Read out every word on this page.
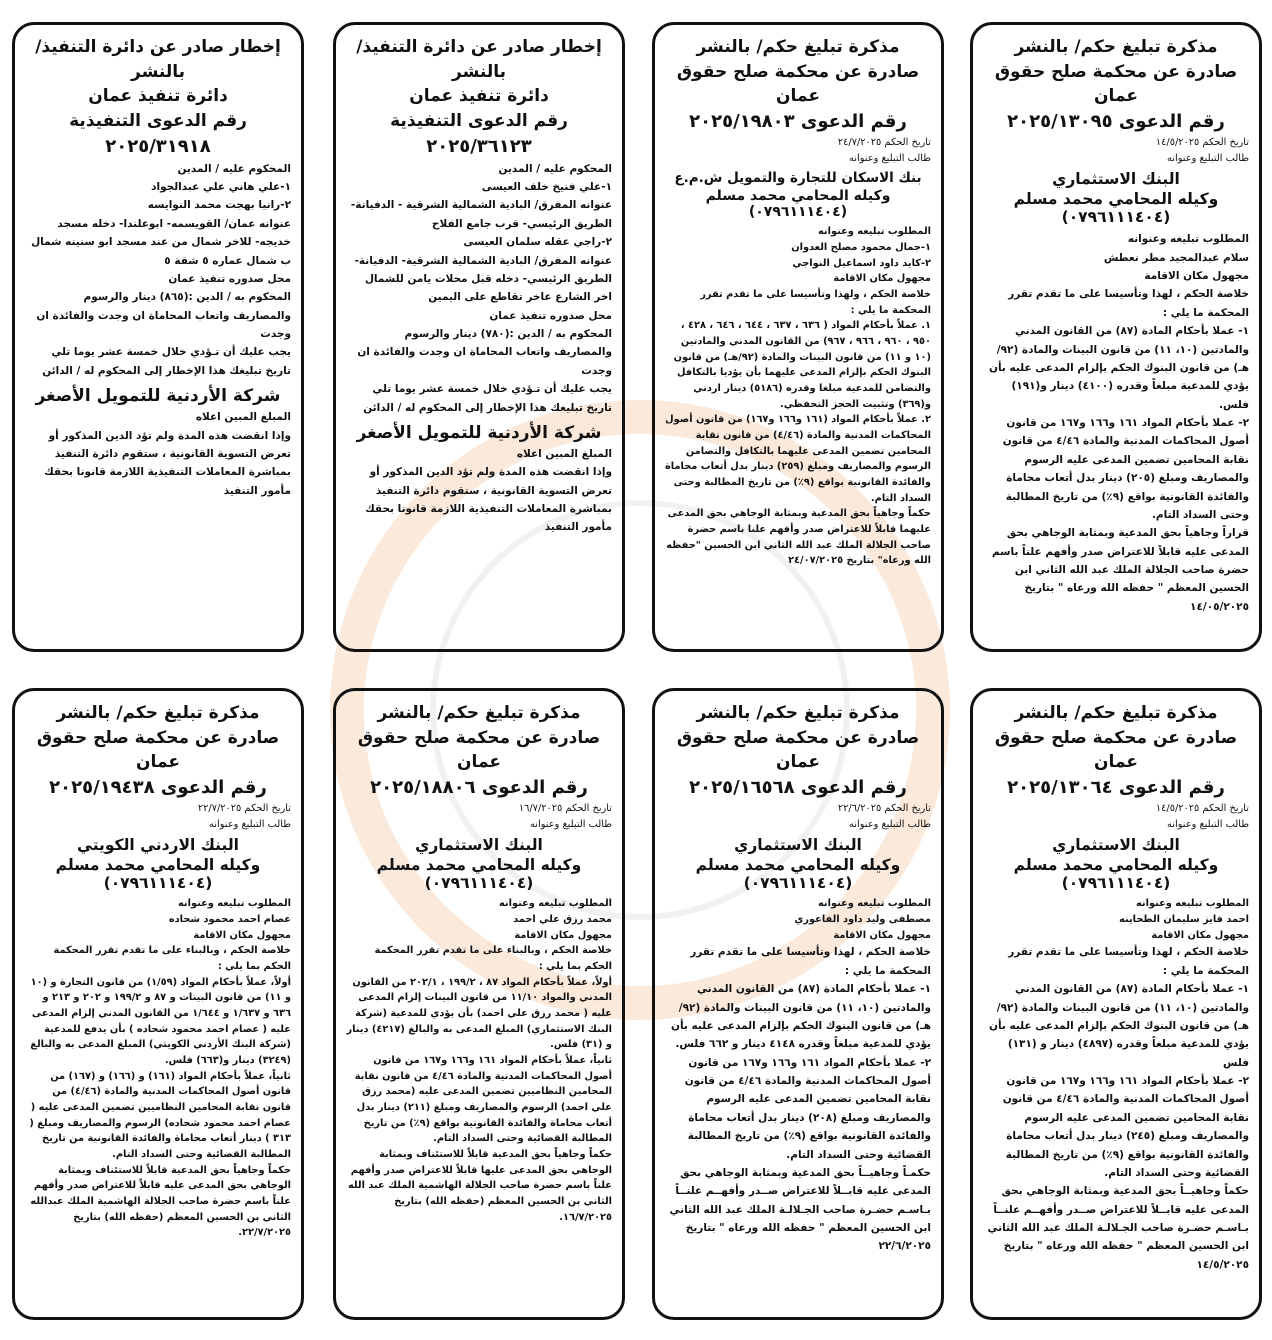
مذكرة تبليغ حكم/ بالنشر
صادرة عن محكمة صلح حقوق عمان
رقم الدعوى ٢٠٢٥/١٣٠٩٥

تاريخ الحكم ١٤/٥/٢٠٢٥

طالب التبليغ وعنوانه

البنك الاستثماري
وكيله المحامي محمد مسلم (٠٧٩٦١١١٤٠٤)

المطلوب تبليغه وعنوانه

سلام عبدالمجيد مطر نعطش

مجهول مكان الاقامة

خلاصة الحكم ، لهذا وتأسيسا على ما تقدم تقرر المحكمة ما يلي :

١- عملا بأحكام المادة (٨٧) من القانون المدني والمادتين (١٠، ١١) من قانون البينات والمادة (٩٢/هـ) من قانون البنوك الحكم بإلزام المدعى عليه بأن يؤدي للمدعية مبلغاً وقدره (٤١٠٠) دينار و(١٩١) فلس.

٢- عملا بأحكام المواد ١٦١ و١٦٦ و١٦٧ من قانون أصول المحاكمات المدنية والمادة ٤/٤٦ من قانون نقابة المحامين تضمين المدعى عليه الرسوم والمصاريف ومبلغ (٢٠٥) دينار بدل أتعاب محاماة والفائدة القانونية بواقع (٩٪) من تاريخ المطالبة وحتى السداد التام.

قراراً وجاهياً بحق المدعية وبمثابة الوجاهي بحق المدعى عليه قابلاً للاعتراض صدر وأفهم علناً باسم حضرة صاحب الجلالة الملك عبد الله الثاني ابن الحسين المعظم " حفظه الله ورعاه " بتاريخ ١٤/٠٥/٢٠٢٥

مذكرة تبليغ حكم/ بالنشر
صادرة عن محكمة صلح حقوق عمان
رقم الدعوى ٢٠٢٥/١٩٨٠٣

تاريخ الحكم ٢٤/٧/٢٠٢٥

طالب التبليغ وعنوانه

بنك الاسكان للتجارة والتمويل ش.م.ع
وكيله المحامي محمد مسلم (٠٧٩٦١١١٤٠٤)

المطلوب تبليغه وعنوانه

١-جمال محمود مصلح العدوان

٢-كايد داود اسماعيل النواجي

مجهول مكان الاقامة

خلاصة الحكم ، ولهذا وتأسيسا على ما تقدم تقرر المحكمة ما يلي :

١. عملاً بأحكام المواد ( ٦٣٦ ، ٦٣٧ ، ٦٤٤ ، ٦٤٦ ، ٤٢٨ ، ٩٥٠ ، ٩٦٠ ، ٩٦٦ ، ٩٦٧) من القانون المدني والمادتين (١٠ و ١١) من قانون البينات والمادة (٩٢/هـ) من قانون البنوك الحكم بإلزام المدعى عليهما بأن يؤديا بالتكافل والتضامن للمدعية مبلغا وقدره (٥١٨٦) دينار اردني و(٣٦٩) وتثبيت الحجز التحفظي.

٢. عملاً بأحكام المواد (١٦١ و١٦٦ و١٦٧) من قانون أصول المحاكمات المدنية والمادة (٤/٤٦) من قانون نقابة المحامين تضمين المدعى عليهما بالتكافل والتضامن الرسوم والمصاريف ومبلغ (٢٥٩) دينار بدل أتعاب محاماة والفائدة القانونية بواقع (٩٪) من تاريخ المطالبة وحتى السداد التام.

حكماً وجاهياً بحق المدعية وبمثابة الوجاهي بحق المدعى عليهما قابلاً للاعتراض صدر وأفهم علنا باسم حضرة صاحب الجلالة الملك عبد الله الثاني ابن الحسين "حفظه الله ورعاه" بتاريخ ٢٤/٠٧/٢٠٢٥

إخطار صادر عن دائرة التنفيذ/ بالنشر
دائرة تنفيذ عمان
رقم الدعوى التنفيذية
٢٠٢٥/٣٦١٢٣

المحكوم عليه / المدين

١-علي فنيخ خلف العيسى

عنوانه المفرق/ البادية الشمالية الشرقية - الدفيانة- الطريق الرئيسي- قرب جامع الفلاح

٢-راجي عقله سلمان العيسى

عنوانه المفرق/ البادية الشمالية الشرقية- الدفيانة- الطريق الرئيسي- دخله قبل محلات يامن للشمال اخر الشارع عاخر تقاطع على اليمين

محل صدوره تنفيذ عمان

المحكوم به / الدين :(٧٨٠) دينار والرسوم والمصاريف واتعاب المحاماة ان وجدت والفائدة ان وجدت

يجب عليك أن تـؤدي خلال خمسة عشر يوما تلي تاريخ تبليغك هذا الإخطار إلى المحكوم له / الدائن

شركة الأردنية للتمويل الأصغر

المبلغ المبين اعلاه

وإذا انقضت هذه المدة ولم تؤد الدين المذكور أو تعرض التسوية القانونية ، ستقوم دائرة التنفيذ بمباشرة المعاملات التنفيذية اللازمة قانونا بحقك

مأمور التنفيذ

إخطار صادر عن دائرة التنفيذ/ بالنشر
دائرة تنفيذ عمان
رقم الدعوى التنفيذية
٢٠٢٥/٣١٩١٨

المحكوم عليه / المدين

١-علي هاني علي عبدالجواد

٢-رانيا بهجت محمد النوايسه

عنوانه عمان/ القويسمه- ابوعلندا- دخله مسجد خديجه- للاخر شمال من عند مسجد ابو سنينه شمال ب شمال عماره ٥ شقة ٥

محل صدوره تنفيذ عمان

المحكوم به / الدين :(٨٦٥) دينار والرسوم والمصاريف واتعاب المحاماة ان وجدت والفائدة ان وجدت

يجب عليك أن تـؤدي خلال خمسة عشر يوما تلي تاريخ تبليغك هذا الإخطار إلى المحكوم له / الدائن

شركة الأردنية للتمويل الأصغر

المبلغ المبين اعلاه

وإذا انقضت هذه المدة ولم تؤد الدين المذكور أو تعرض التسوية القانونية ، ستقوم دائرة التنفيذ بمباشرة المعاملات التنفيذية اللازمة قانونا بحقك

مأمور التنفيذ

مذكرة تبليغ حكم/ بالنشر
صادرة عن محكمة صلح حقوق عمان
رقم الدعوى ٢٠٢٥/١٣٠٦٤

تاريخ الحكم ١٤/٥/٢٠٢٥

طالب التبليغ وعنوانه

البنك الاستثماري
وكيله المحامي محمد مسلم (٠٧٩٦١١١٤٠٤)

المطلوب تبليغه وعنوانه

احمد فايز سليمان الطحاينه

مجهول مكان الاقامة

خلاصة الحكم ، لهذا وتأسيسا على ما تقدم تقرر المحكمة ما يلي :

١- عملا بأحكام المادة (٨٧) من القانون المدني والمادتين (١٠، ١١) من قانون البينات والمادة (٩٢/هـ) من قانون البنوك الحكم بإلزام المدعى عليه بأن يؤدي للمدعية مبلغاً وقدره (٤٨٩٧) دينار و (١٣١) فلس

٢- عملا بأحكام المواد ١٦١ و١٦٦ و١٦٧ من قانون أصول المحاكمات المدنية والمادة ٤/٤٦ من قانون نقابة المحامين تضمين المدعى عليه الرسوم والمصاريف ومبلغ (٢٤٥) دينار بدل أتعاب محاماة والفائدة القانونية بواقع (٩٪) من تاريخ المطالبة القضائية وحتى السداد التام.

حكماً وجاهيــاً بحق المدعية وبمثابة الوجاهي بحق المدعى عليه قابــلاً للاعتراض صــدر وأفهــم علنــاً بـاسـم حضـرة صاحب الجـلالـة الملك عبد الله الثاني ابن الحسين المعظم " حفظه الله ورعاه " بتاريخ ١٤/٥/٢٠٢٥

مذكرة تبليغ حكم/ بالنشر
صادرة عن محكمة صلح حقوق عمان
رقم الدعوى ٢٠٢٥/١٦٥٦٨

تاريخ الحكم ٢٢/٦/٢٠٢٥

طالب التبليغ وعنوانه

البنك الاستثماري
وكيله المحامي محمد مسلم (٠٧٩٦١١١٤٠٤)

المطلوب تبليغه وعنوانه

مصطفى وليد داود الفاعوري

مجهول مكان الاقامة

خلاصة الحكم ، لهذا وتأسيسا على ما تقدم تقرر المحكمة ما يلي :

١- عملا بأحكام المادة (٨٧) من القانون المدني والمادتين (١٠، ١١) من قانون البينات والمادة (٩٢/هـ) من قانون البنوك الحكم بإلزام المدعى عليه بأن يؤدي للمدعية مبلغاً وقدره ٤١٤٨ دينار و ٦٦٢ فلس.

٢- عملا بأحكام المواد ١٦١ و١٦٦ و١٦٧ من قانون أصول المحاكمات المدنية والمادة ٤/٤٦ من قانون نقابة المحامين تضمين المدعى عليه الرسوم والمصاريف ومبلغ (٢٠٨) دينار بدل أتعاب محاماة والفائدة القانونية بواقع (٩٪) من تاريخ المطالبة القضائية وحتى السداد التام.

حكمـاً وجاهيــاً بحق المدعية وبمثابة الوجاهي بحق المدعى عليه قابــلاً للاعتراض صــدر وأفهــم علنــاً بـاسـم حضـرة صاحب الجـلالـة الملك عبد الله الثاني ابن الحسين المعظم " حفظه الله ورعاه " بتاريخ ٢٢/٦/٢٠٢٥

مذكرة تبليغ حكم/ بالنشر
صادرة عن محكمة صلح حقوق عمان
رقم الدعوى ٢٠٢٥/١٨٨٠٦

تاريخ الحكم ١٦/٧/٢٠٢٥

طالب التبليغ وعنوانه

البنك الاستثماري
وكيله المحامي محمد مسلم (٠٧٩٦١١١٤٠٤)

المطلوب تبليغه وعنوانه

محمد رزق علي احمد

مجهول مكان الاقامة

خلاصة الحكم ، وبالبناء على ما تقدم تقرر المحكمة الحكم بما يلي :

أولاً، عملاً بأحكام المواد ٨٧ ، ١٩٩/٢ ، ٢٠٢/١ من القانون المدني والمواد ١١/١٠ من قانون البينات إلزام المدعى عليه ( محمد رزق علي احمد) بأن يؤدي للمدعية (شركة البنك الاستثماري) المبلغ المدعى به والبالغ (٤٢١٧) دينار و (٣١) فلس.

ثانياً، عملاً بأحكام المواد ١٦١ و١٦٦ و١٦٧ من قانون أصول المحاكمات المدنية والمادة ٤/٤٦ من قانون نقابة المحامين النظاميين تضمين المدعى عليه (محمد رزق علي احمد) الرسوم والمصاريف ومبلغ (٢١١) دينار بدل أتعاب محاماة والفائدة القانونية بواقع (٩٪) من تاريخ المطالبة القضائية وحتى السداد التام.

حكماً وجاهياً بحق المدعية قابلاً للاستئناف وبمثابة الوجاهي بحق المدعى عليها قابلاً للاعتراض صدر وأفهم علناً باسم حضرة صاحب الجلالة الهاشمية الملك عبد الله الثاني بن الحسين المعظم (حفظه الله) بتاريخ ١٦/٧/٢٠٢٥.

مذكرة تبليغ حكم/ بالنشر
صادرة عن محكمة صلح حقوق عمان
رقم الدعوى ٢٠٢٥/١٩٤٣٨

تاريخ الحكم ٢٢/٧/٢٠٢٥

طالب التبليغ وعنوانه

البنك الاردني الكويتي
وكيله المحامي محمد مسلم (٠٧٩٦١١١٤٠٤)

المطلوب تبليغه وعنوانه

عصام احمد محمود شحاده

مجهول مكان الاقامة

خلاصة الحكم ، وبالبناء على ما تقدم تقرر المحكمة الحكم بما يلي :

أولاً، عملاً بأحكام المواد (١/٥٩) من قانون التجارة و (١٠ و ١١) من قانون البينات و ٨٧ و ١٩٩/٢ و ٢٠٢ و ٢١٣ و ٦٣٦ و ١/٦٣٧ و ١/٦٤٤ من القانون المدني إلزام المدعى عليه ( عصام احمد محمود شحاده ) بأن يدفع للمدعية (شركة البنك الأردني الكويتي) المبلغ المدعى به والبالغ (٣٢٤٩) دينار و(٦٦٣) فلس.

ثانياً، عملاً بأحكام المواد (١٦١) و (١٦٦) و (١٦٧) من قانون أصول المحاكمات المدنية والمادة (٤/٤٦) من قانون نقابة المحامين النظاميين تضمين المدعى عليه ( عصام احمد محمود شحاده) الرسوم والمصاريف ومبلغ ( ٣١٣ ) دينار أتعاب محاماة والفائدة القانونية من تاريخ المطالبة القضائية وحتى السداد التام.

حكماً وجاهياً بحق المدعية قابلاً للاستئناف وبمثابة الوجاهي بحق المدعى عليه قابلاً للاعتراض صدر وأفهم علناً باسم حضرة صاحب الجلالة الهاشمية الملك عبدالله الثاني بن الحسين المعظم (حفظه الله) بتاريخ ٢٢/٧/٢٠٢٥.
